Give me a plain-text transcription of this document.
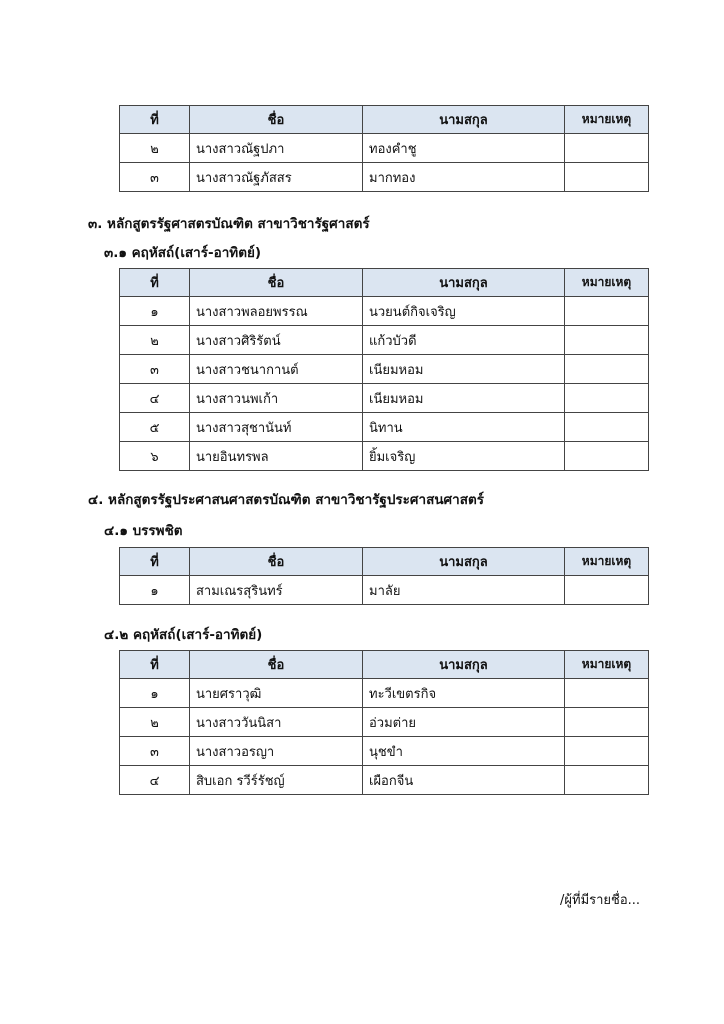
ที่	ชื่อ	นามสกุล	หมายเหตุ
๒	นางสาวณัฐปภา	ทองคำชู	
๓	นางสาวณัฐภัสสร	มากทอง	
๓. หลักสูตรรัฐศาสตรบัณฑิต สาขาวิชารัฐศาสตร์
๓.๑ คฤหัสถ์(เสาร์-อาทิตย์)
ที่	ชื่อ	นามสกุล	หมายเหตุ
๑	นางสาวพลอยพรรณ	นวยนต์กิจเจริญ	
๒	นางสาวศิริรัตน์	แก้วบัวดี	
๓	นางสาวชนากานต์	เนียมหอม	
๔	นางสาวนพเก้า	เนียมหอม	
๕	นางสาวสุชานันท์	นิทาน	
๖	นายอินทรพล	ยิ้มเจริญ	
๔. หลักสูตรรัฐประศาสนศาสตรบัณฑิต สาขาวิชารัฐประศาสนศาสตร์
๔.๑ บรรพชิต
ที่	ชื่อ	นามสกุล	หมายเหตุ
๑	สามเณรสุรินทร์	มาลัย	
๔.๒ คฤหัสถ์(เสาร์-อาทิตย์)
ที่	ชื่อ	นามสกุล	หมายเหตุ
๑	นายศราวุฒิ	ทะวีเขตรกิจ	
๒	นางสาววันนิสา	อ่วมต่าย	
๓	นางสาวอรญา	นุชขำ	
๔	สิบเอก รวีร์รัชญ์	เผือกจีน	
/ผู้ที่มีรายชื่อ...
